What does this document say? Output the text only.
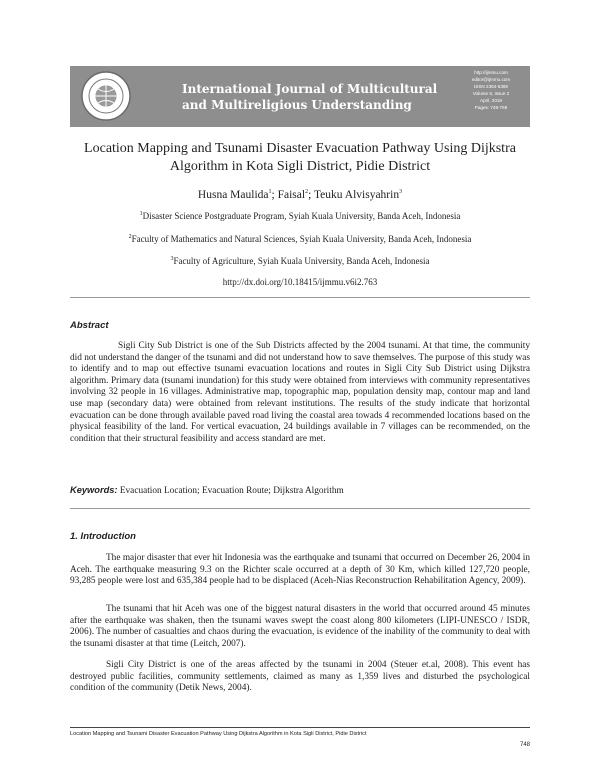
International Journal of Multicultural
and Multireligious Understanding
http://ijmmu.com
editor@ijmmu.com
ISSN 2364-5369
Volume 6, Issue 2
April, 2019
Pages: 748-759
Location Mapping and Tsunami Disaster Evacuation Pathway Using Dijkstra Algorithm in Kota Sigli District, Pidie District
Husna Maulida$^1$; Faisal$^2$; Teuku Alvisyahrin$^3$
$^1$Disaster Science Postgraduate Program, Syiah Kuala University, Banda Aceh, Indonesia
$^2$Faculty of Mathematics and Natural Sciences, Syiah Kuala University, Banda Aceh, Indonesia
$^3$Faculty of Agriculture, Syiah Kuala University, Banda Aceh, Indonesia
http://dx.doi.org/10.18415/ijmmu.v6i2.763
Abstract
Sigli City Sub District is one of the Sub Districts affected by the 2004 tsunami. At that time, the community did not understand the danger of the tsunami and did not understand how to save themselves. The purpose of this study was to identify and to map out effective tsunami evacuation locations and routes in Sigli City Sub District using Dijkstra algorithm. Primary data (tsunami inundation) for this study were obtained from interviews with community representatives involving 32 people in 16 villages. Administrative map, topographic map, population density map, contour map and land use map (secondary data) were obtained from relevant institutions. The results of the study indicate that horizontal evacuation can be done through available paved road living the coastal area towads 4 recommended locations based on the physical feasibility of the land. For vertical evacuation, 24 buildings available in 7 villages can be recommended, on the condition that their structural feasibility and access standard are met.
Keywords: Evacuation Location; Evacuation Route; Dijkstra Algorithm
1. Introduction
The major disaster that ever hit Indonesia was the earthquake and tsunami that occurred on December 26, 2004 in Aceh. The earthquake measuring 9.3 on the Richter scale occurred at a depth of 30 Km, which killed 127,720 people, 93,285 people were lost and 635,384 people had to be displaced (Aceh-Nias Reconstruction Rehabilitation Agency, 2009).
The tsunami that hit Aceh was one of the biggest natural disasters in the world that occurred around 45 minutes after the earthquake was shaken, then the tsunami waves swept the coast along 800 kilometers (LIPI-UNESCO / ISDR, 2006). The number of casualties and chaos during the evacuation, is evidence of the inability of the community to deal with the tsunami disaster at that time (Leitch, 2007).
Sigli City District is one of the areas affected by the tsunami in 2004 (Steuer et.al, 2008). This event has destroyed public facilities, community settlements, claimed as many as 1,359 lives and disturbed the psychological condition of the community (Detik News, 2004).
Location Mapping and Tsunami Disaster Evacuation Pathway Using Dijkstra Algorithm in Kota Sigli District, Pidie District
748
